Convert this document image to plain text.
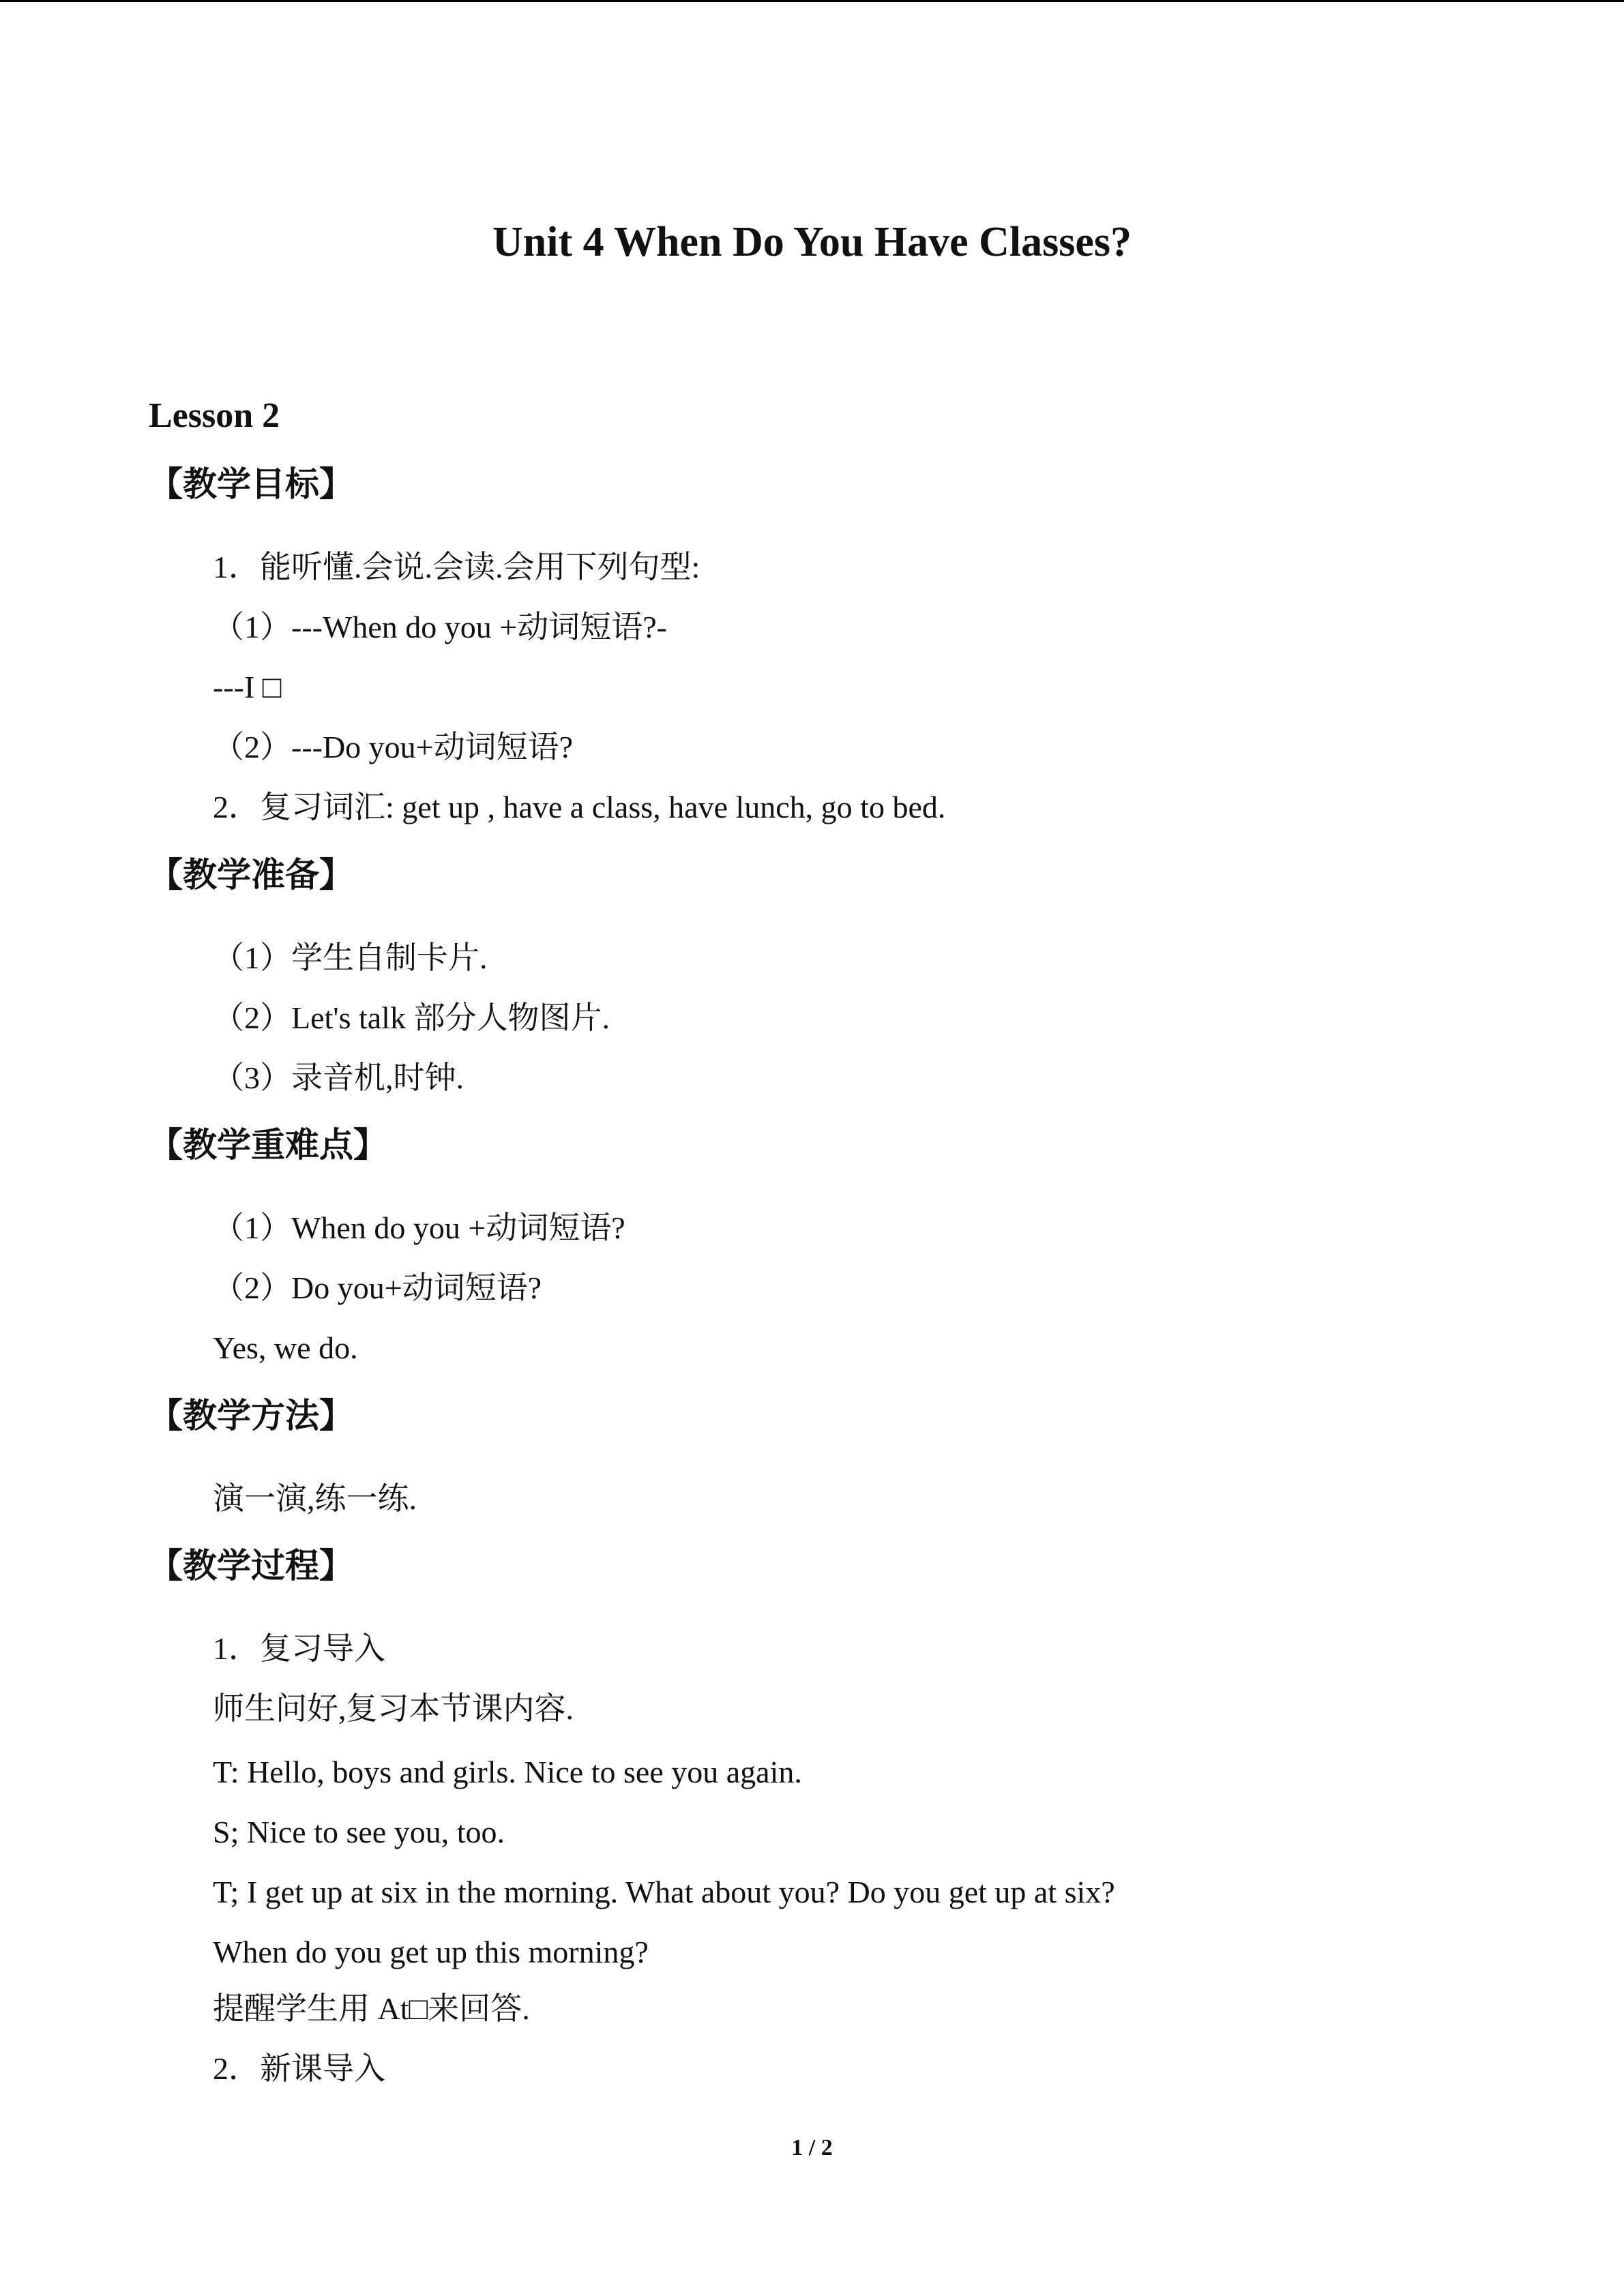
Unit 4 When Do You Have Classes?
Lesson 2
【教学目标】
1．能听懂.会说.会读.会用下列句型:
（1）---When do you +动词短语?-
---I □
（2）---Do you+动词短语?
2．复习词汇: get up , have a class, have lunch, go to bed.
【教学准备】
（1）学生自制卡片.
（2）Let's talk 部分人物图片.
（3）录音机,时钟.
【教学重难点】
（1）When do you +动词短语?
（2）Do you+动词短语?
Yes, we do.
【教学方法】
演一演,练一练.
【教学过程】
1．复习导入
师生问好,复习本节课内容.
T: Hello, boys and girls. Nice to see you again.
S; Nice to see you, too.
T; I get up at six in the morning. What about you? Do you get up at six?
When do you get up this morning?
提醒学生用 At□来回答.
2．新课导入
1 / 2
